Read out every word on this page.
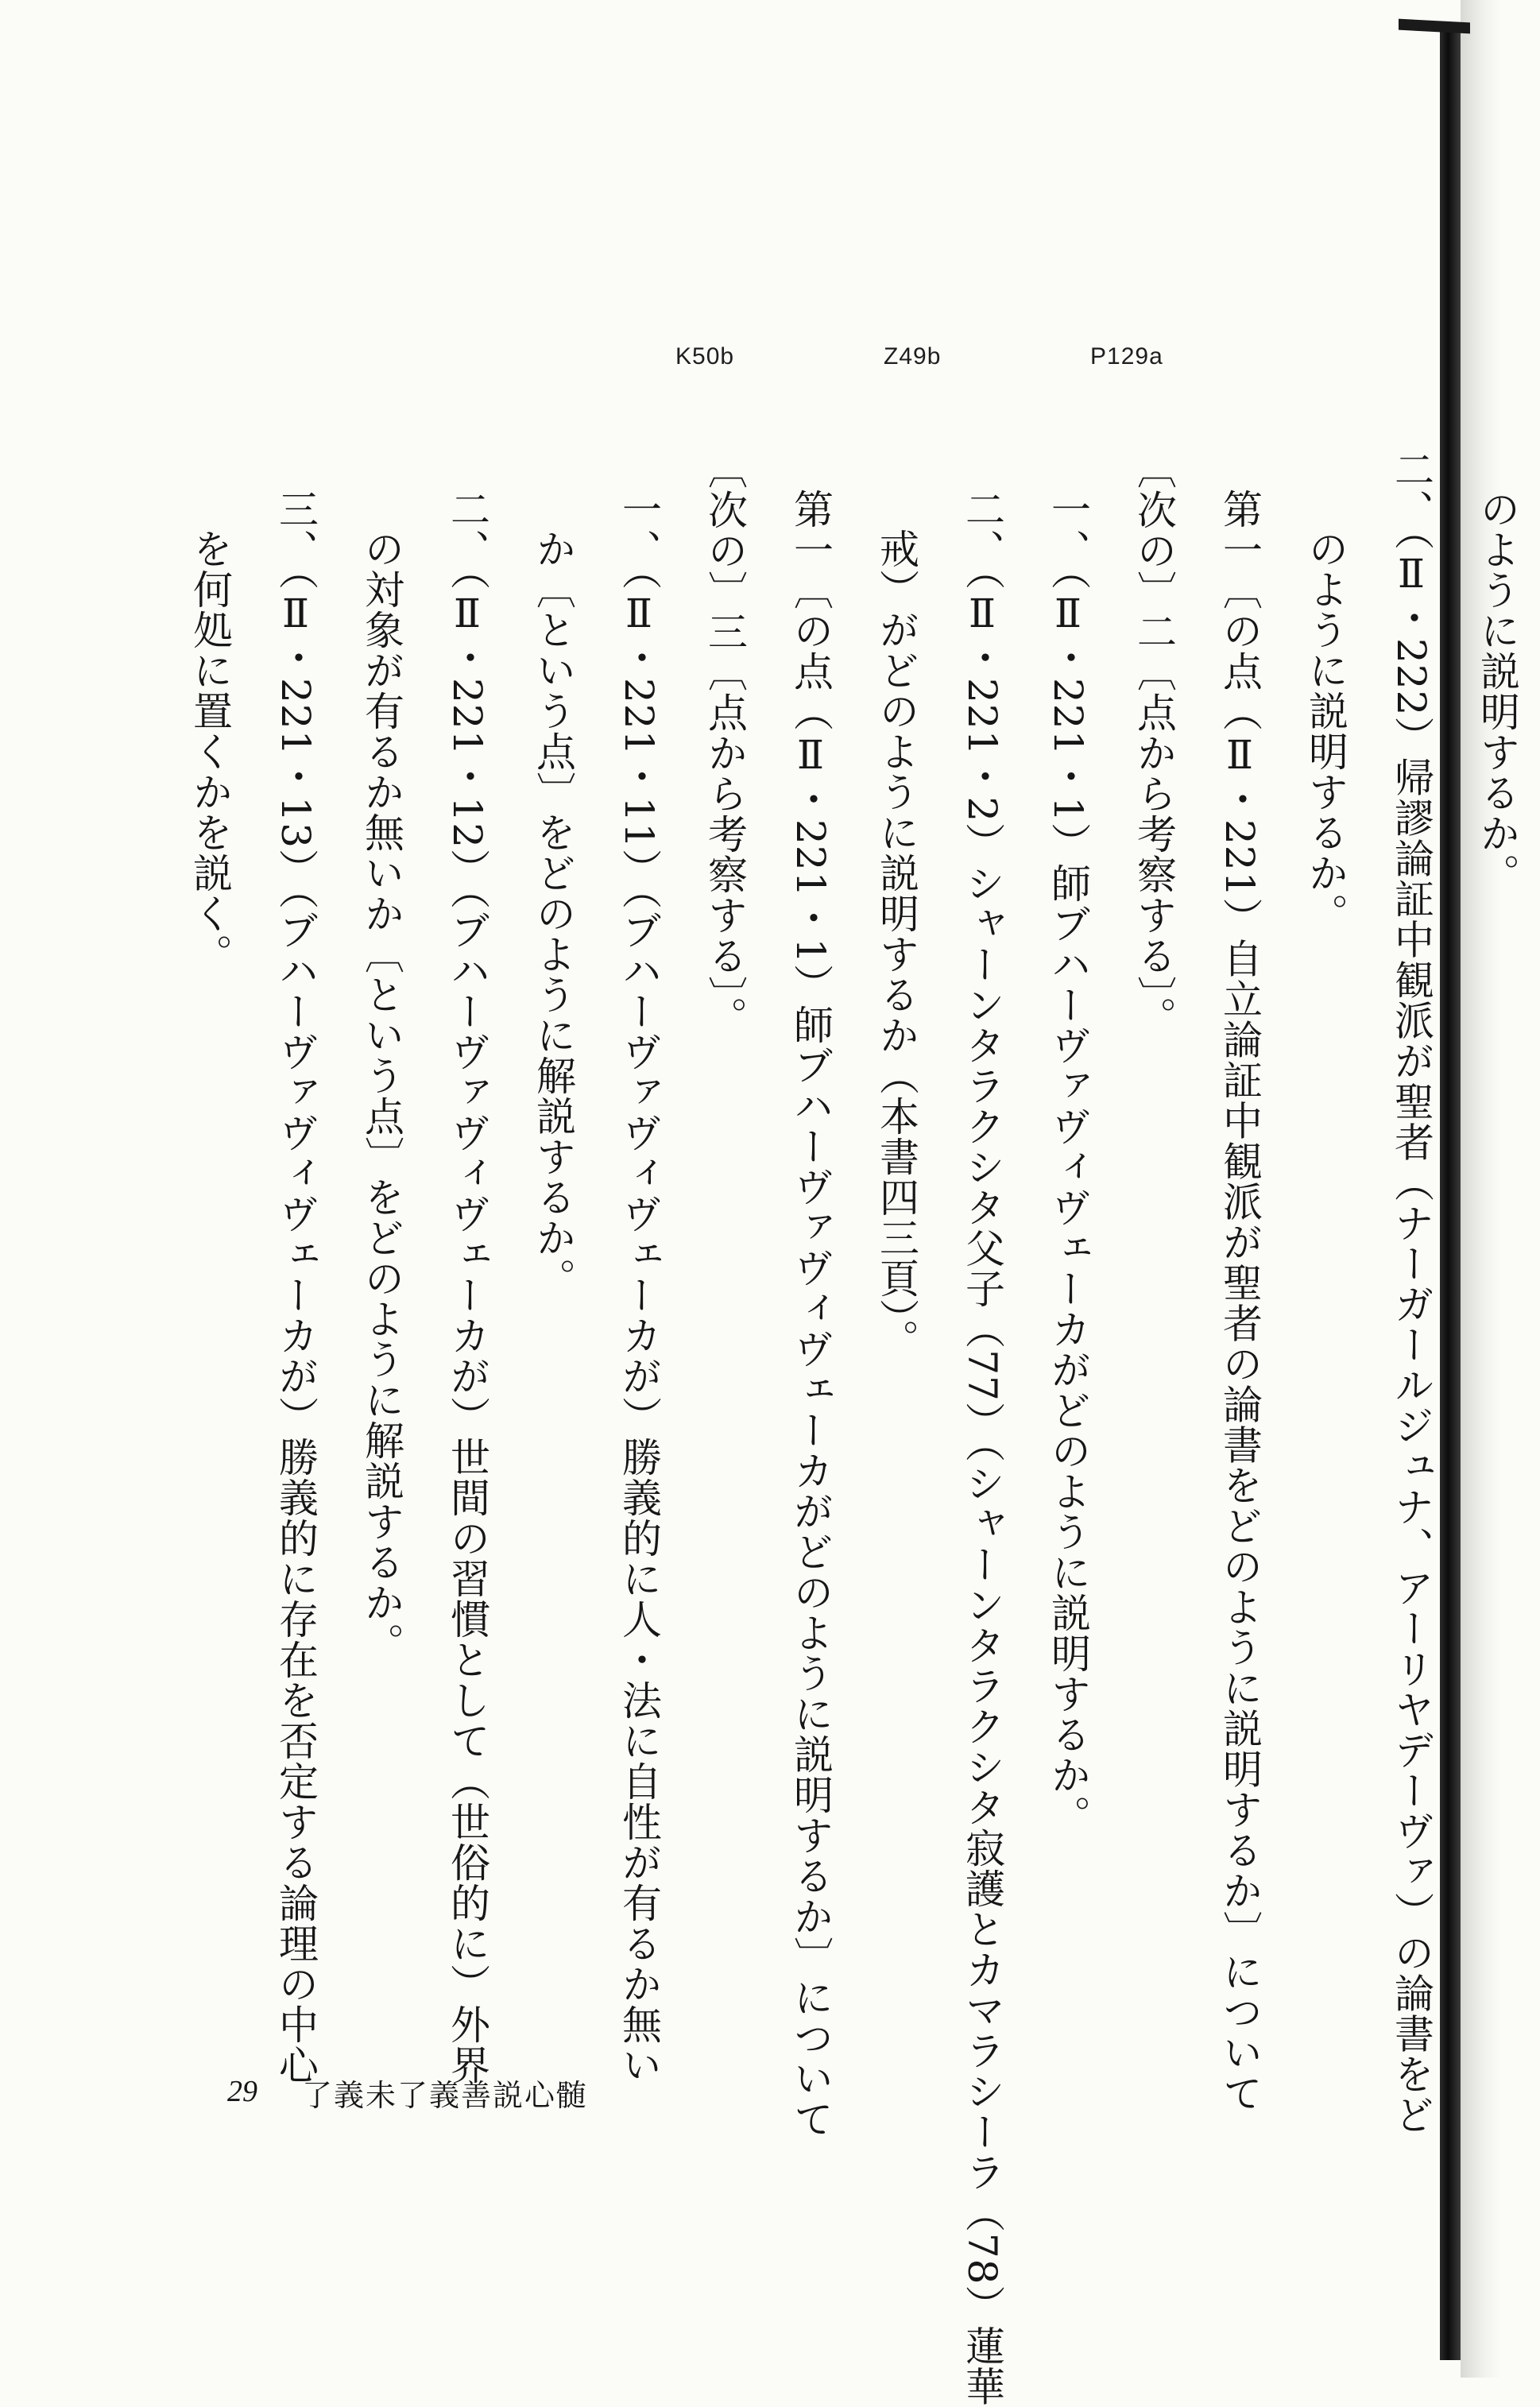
K50b	Z49b	P129a
のように説明するか。
二、（Ⅱ・222）帰謬論証中観派が聖者（ナーガールジュナ、アーリヤデーヴァ）の論書をど
のように説明するか。
第一〔の点（Ⅱ・221）自立論証中観派が聖者の論書をどのように説明するか〕について
〔次の〕二〔点から考察する〕。
一、（Ⅱ・221・1）師ブハーヴァヴィヴェーカがどのように説明するか。
二、（Ⅱ・221・2）シャーンタラクシタ父子（77）（シャーンタラクシタ寂護とカマラシーラ（78）蓮華
戒）がどのように説明するか（本書四三頁）。
第一〔の点（Ⅱ・221・1）師ブハーヴァヴィヴェーカがどのように説明するか〕について
〔次の〕三〔点から考察する〕。
一、（Ⅱ・221・11）（ブハーヴァヴィヴェーカが）勝義的に人・法に自性が有るか無い
か〔という点〕をどのように解説するか。
二、（Ⅱ・221・12）（ブハーヴァヴィヴェーカが）世間の習慣として（世俗的に）外界
の対象が有るか無いか〔という点〕をどのように解説するか。
三、（Ⅱ・221・13）（ブハーヴァヴィヴェーカが）勝義的に存在を否定する論理の中心
を何処に置くかを説く。
29 了義未了義善説心髄
